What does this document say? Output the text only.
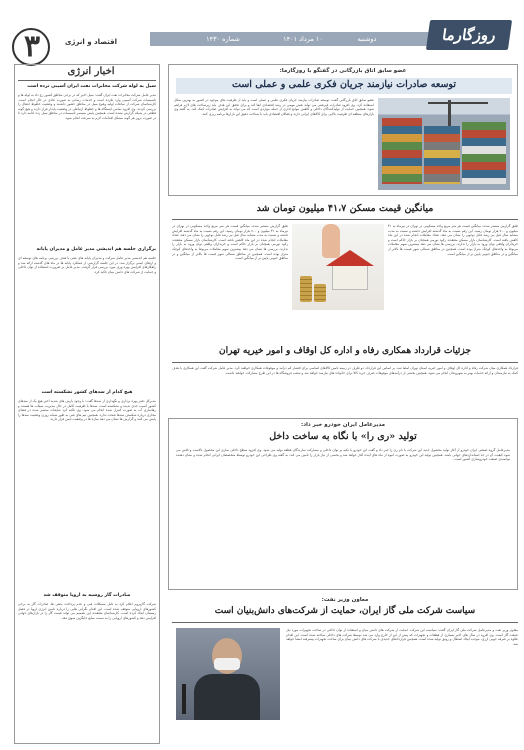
روزگارما
دوشنبه
۱۰ مرداد ۱۴۰۱
شماره ۱۴۳۰
۳	اقتصاد و انرژی
اخبار انرژی
سیل به لوله شرکت مخابرات نفت ایران آسیبی نزده است
مدیر عامل شرکت مخابرات نفت ایران گفت: سیل اخیر که در برخی مناطق کشور رخ داد به لوله ها و تاسیسات شرکت آسیبی وارد نکرده است و خدمات رسانی به صورت عادی در حال انجام است. کارشناسان شرکت از ساعات اولیه وقوع سیل در مناطق حضور داشتند و وضعیت خطوط انتقال را بررسی کردند. وی افزود تمامی ایستگاه ها و خطوط ارتباطی در وضعیت پایدار قرار دارند و هیچ گونه قطعی در شبکه گزارش نشده است. همچنین پایش مستمر تاسیسات در مناطق سیل زده ادامه دارد تا در صورت بروز هر گونه مشکل اقدامات لازم به سرعت انجام شود.
برگزاری جلسه هم اندیشی مدیر عامل و مدیران پایانه
جلسه هم اندیشی مدیر عامل شرکت و مدیران پایانه های نفتی با هدف بررسی برنامه های توسعه ای و ارتقای ایمنی برگزار شد. در این جلسه گزارشی از عملکرد پایانه ها در ماه های گذشته ارائه شد و راهکارهای افزایش بهره وری مورد بررسی قرار گرفت. مدیر عامل بر ضرورت استفاده از توان داخلی و حمایت از شرکت های دانش بنیان تاکید کرد.
هیچ کدام از سدهای کشور نشکسته است
مدیرکل دفتر بهره برداری و نگهداری از سدها گفت: با وجود بارش های شدید اخیر هیچ یک از سدهای کشور آسیب جدی ندیده و نشکسته است. سدها با ظرفیت کامل در حال مدیریت سیلاب ها هستند و رهاسازی آب به صورت کنترل شده انجام می شود. وی تاکید کرد شایعات منتشر شده در فضای مجازی درباره شکستن سدها صحت ندارد. همچنین تیم های فنی به طور شبانه روزی وضعیت سدها را پایش می کنند و گزارش ها نشان می دهد سازه ها در وضعیت ایمن قرار دارند.
صادرات گاز روسیه به اروپا متوقف شد
شرکت گازپروم اعلام کرد به دلیل مشکلات فنی و عدم پرداخت بدهی ها، صادرات گاز به برخی کشورهای اروپایی متوقف شده است. این اقدام نگرانی هایی را درباره تامین انرژی اروپا در فصل زمستان ایجاد کرده است. کارشناسان معتقدند این تصمیم می تواند قیمت گاز را در بازارهای جهانی افزایش دهد و کشورهای اروپایی را به سمت منابع جایگزین سوق دهد.
عضو سابق اتاق بازرگانی در گفتگو با روزگارما:
توسعه صادرات نیازمند جریان فکری علمی و عملی است
عضو سابق اتاق بازرگانی گفت: توسعه صادرات نیازمند جریان فکری علمی و عملی است و باید از ظرفیت های موجود در کشور به بهترین شکل استفاده کرد. وی افزود صادرات غیرنفتی می تواند نقش مهمی در رشد اقتصادی ایفا کند و برای تحقق این هدف باید زیرساخت های لازم فراهم شود. همچنین حمایت از تولیدکنندگان داخلی و کاهش موانع اداری از جمله مواردی است که می تواند به افزایش صادرات کمک کند. به گفته وی بازارهای منطقه ای ظرفیت بالایی برای کالاهای ایرانی دارند و فعالان اقتصادی باید با شناخت دقیق این بازارها برنامه ریزی کنند.
میانگین قیمت مسکن ۴۱،۷ میلیون تومان شد
طبق گزارش منتشر شده، میانگین قیمت هر متر مربع واحد مسکونی در تهران در تیرماه به ۴۱ میلیون و ۷۰۰ هزار تومان رسید. این رقم نسبت به ماه گذشته افزایش داشته و نسبت به مدت مشابه سال قبل نیز رشد قابل توجهی را نشان می دهد. تعداد معاملات انجام شده در این ماه کاهش یافته است. کارشناسان بازار مسکن معتقدند رکود تورمی همچنان بر بازار حاکم است و خریداران واقعی توان ورود به بازار را ندارند. بررسی ها نشان می دهد بیشترین سهم معاملات مربوط به واحدهای کوچک متراژ بوده است. همچنین در مناطق شمالی شهر قیمت ها بالاتر از میانگین و در مناطق جنوبی پایین تر از میانگین است.
طبق گزارش منتشر شده، میانگین قیمت هر متر مربع واحد مسکونی در تهران در تیرماه به ۴۱ میلیون و ۷۰۰ هزار تومان رسید. این رقم نسبت به ماه گذشته افزایش داشته و نسبت به مدت مشابه سال قبل نیز رشد قابل توجهی را نشان می دهد. تعداد معاملات انجام شده در این ماه کاهش یافته است. کارشناسان بازار مسکن معتقدند رکود تورمی همچنان بر بازار حاکم است و خریداران واقعی توان ورود به بازار را ندارند. بررسی ها نشان می دهد بیشترین سهم معاملات مربوط به واحدهای کوچک متراژ بوده است. همچنین در مناطق شمالی شهر قیمت ها بالاتر از میانگین و در مناطق جنوبی پایین تر از میانگین است.
جزئیات قرارداد همکاری رفاه و اداره کل اوقاف و امور خیریه تهران
قرارداد همکاری میان شرکت رفاه و اداره کل اوقاف و امور خیریه استان تهران امضا شد. بر اساس این قرارداد، دو طرف در زمینه تامین کالاهای اساسی برای اقشار کم درآمد و موقوفات همکاری خواهند کرد. مدیر عامل شرکت گفت این همکاری با هدف کمک به نیازمندان و ارائه خدمات بهتر به شهروندان انجام می شود. همچنین بخشی از درآمدهای موقوفات صرف خرید کالا برای خانواده های نیازمند خواهد شد و شعب فروشگاه ها در این طرح مشارکت خواهند داشت.
مدیرعامل ایران خودرو خبر داد:
تولید «ری را» با نگاه به ساخت داخل
مدیرعامل گروه صنعتی ایران خودرو از آغاز تولید محصول جدید این شرکت با نام ری را خبر داد و گفت این خودرو با تکیه بر توان داخلی و مشارکت سازندگان قطعه تولید می شود. وی افزود سطح داخلی سازی این محصول بالاست و تلاش می شود کیفیت آن در حد استانداردهای جهانی باشد. همچنین تولید این خودرو به صورت انبوه از ماه های آینده آغاز خواهد شد و بخشی از نیاز بازار را تامین می کند. به گفته وی طراحی این خودرو توسط متخصصان ایرانی انجام شده و نشان دهنده توانمندی صنعت خودروسازی کشور است.
معاون وزیر نفت:
سیاست شرکت ملی گاز ایران، حمایت از شرکت‌های دانش‌بنیان است
معاون وزیر نفت و مدیرعامل شرکت ملی گاز ایران گفت: سیاست این شرکت حمایت از شرکت های دانش بنیان و استفاده از توان داخلی در ساخت تجهیزات مورد نیاز صنعت گاز است. وی افزود در سال های اخیر بسیاری از قطعات و تجهیزات که پیش از این از خارج وارد می شد توسط شرکت های داخلی ساخته شده است. این اقدام علاوه بر صرفه جویی ارزی، موجب ایجاد اشتغال و رونق تولید شده است. همچنین قراردادهای جدیدی با شرکت های دانش بنیان برای ساخت تجهیزات پیشرفته امضا خواهد شد.
